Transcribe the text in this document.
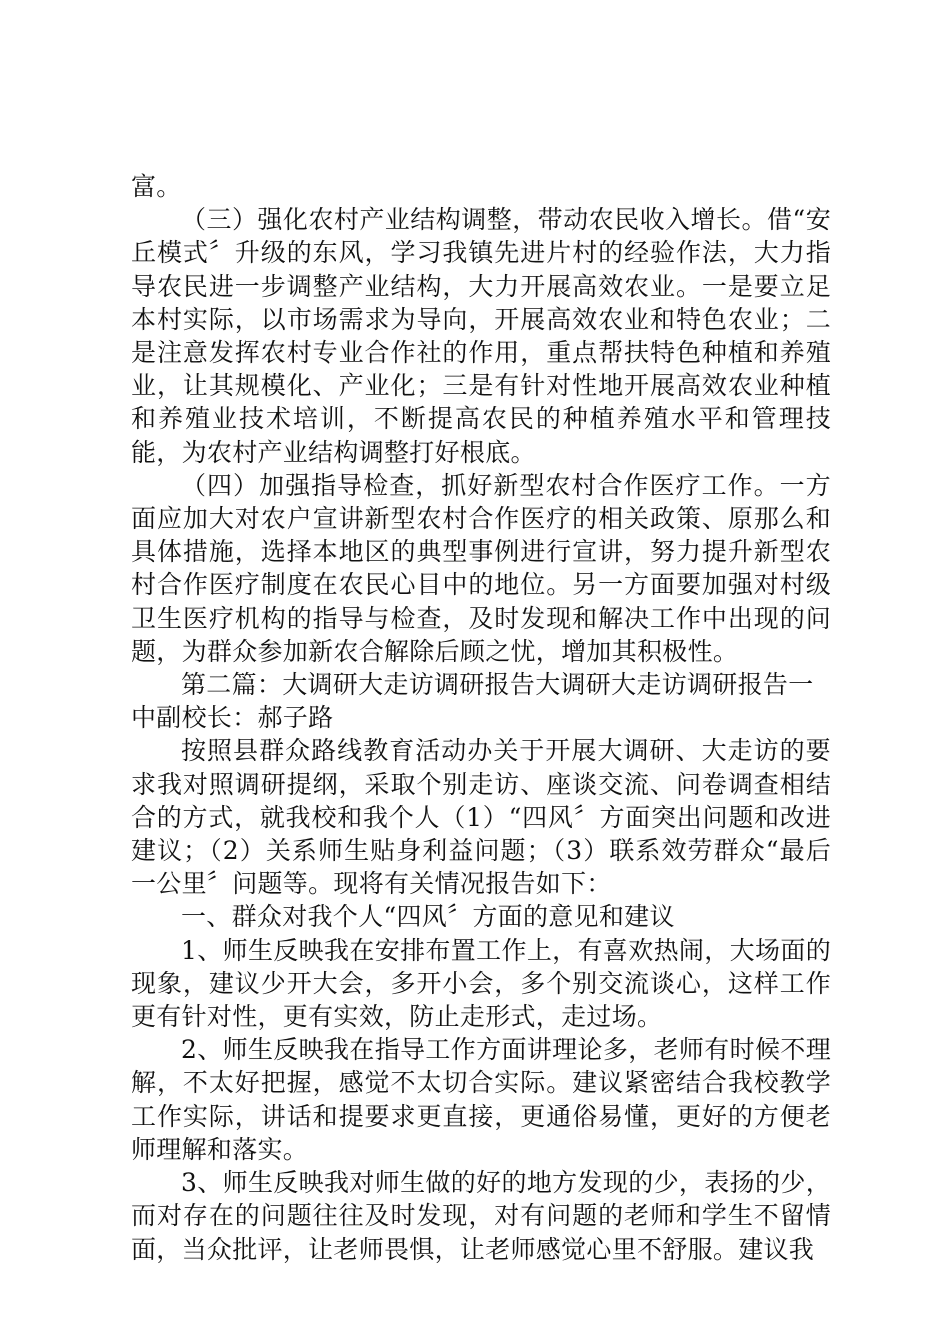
富。

（三）强化农村产业结构调整，带动农民收入增长。借“安丘模式〞升级的东风，学习我镇先进片村的经验作法，大力指导农民进一步调整产业结构，大力开展高效农业。一是要立足本村实际，以市场需求为导向，开展高效农业和特色农业；二是注意发挥农村专业合作社的作用，重点帮扶特色种植和养殖业，让其规模化、产业化；三是有针对性地开展高效农业种植和养殖业技术培训，不断提高农民的种植养殖水平和管理技能，为农村产业结构调整打好根底。

（四）加强指导检查，抓好新型农村合作医疗工作。一方面应加大对农户宣讲新型农村合作医疗的相关政策、原那么和具体措施，选择本地区的典型事例进行宣讲，努力提升新型农村合作医疗制度在农民心目中的地位。另一方面要加强对村级卫生医疗机构的指导与检查，及时发现和解决工作中出现的问题，为群众参加新农合解除后顾之忧，增加其积极性。

第二篇：大调研大走访调研报告大调研大走访调研报告一

中副校长：郝子路

按照县群众路线教育活动办关于开展大调研、大走访的要求我对照调研提纲，采取个别走访、座谈交流、问卷调查相结合的方式，就我校和我个人（1）“四风〞方面突出问题和改进建议；（2）关系师生贴身利益问题；（3）联系效劳群众“最后一公里〞问题等。现将有关情况报告如下：

一、群众对我个人“四风〞方面的意见和建议

1、师生反映我在安排布置工作上，有喜欢热闹，大场面的现象，建议少开大会，多开小会，多个别交流谈心，这样工作更有针对性，更有实效，防止走形式，走过场。

2、师生反映我在指导工作方面讲理论多，老师有时候不理解，不太好把握，感觉不太切合实际。建议紧密结合我校教学工作实际，讲话和提要求更直接，更通俗易懂，更好的方便老师理解和落实。

3、师生反映我对师生做的好的地方发现的少，表扬的少，而对存在的问题往往及时发现，对有问题的老师和学生不留情面，当众批评，让老师畏惧，让老师感觉心里不舒服。建议我
